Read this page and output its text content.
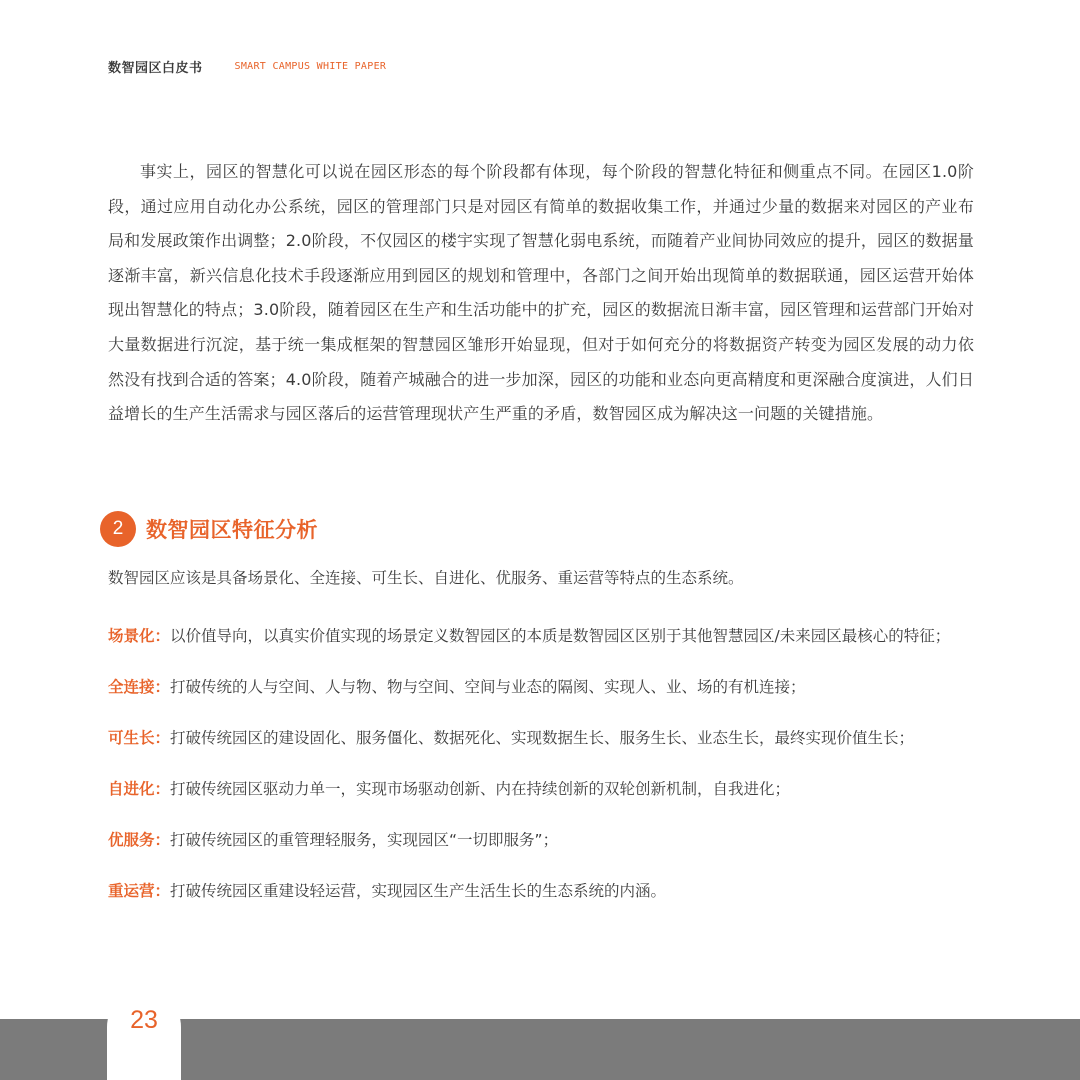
数智园区白皮书	SMART CAMPUS WHITE PAPER

事实上，园区的智慧化可以说在园区形态的每个阶段都有体现，每个阶段的智慧化特征和侧重点不同。在园区1.0阶段，通过应用自动化办公系统，园区的管理部门只是对园区有简单的数据收集工作，并通过少量的数据来对园区的产业布局和发展政策作出调整；2.0阶段，不仅园区的楼宇实现了智慧化弱电系统，而随着产业间协同效应的提升，园区的数据量逐渐丰富，新兴信息化技术手段逐渐应用到园区的规划和管理中，各部门之间开始出现简单的数据联通，园区运营开始体现出智慧化的特点；3.0阶段，随着园区在生产和生活功能中的扩充，园区的数据流日渐丰富，园区管理和运营部门开始对大量数据进行沉淀，基于统一集成框架的智慧园区雏形开始显现，但对于如何充分的将数据资产转变为园区发展的动力依然没有找到合适的答案；4.0阶段，随着产城融合的进一步加深，园区的功能和业态向更高精度和更深融合度演进，人们日益增长的生产生活需求与园区落后的运营管理现状产生严重的矛盾，数智园区成为解决这一问题的关键措施。

2	数智园区特征分析

数智园区应该是具备场景化、全连接、可生长、自进化、优服务、重运营等特点的生态系统。

场景化：以价值导向，以真实价值实现的场景定义数智园区的本质是数智园区区别于其他智慧园区/未来园区最核心的特征；
全连接：打破传统的人与空间、人与物、物与空间、空间与业态的隔阂、实现人、业、场的有机连接；
可生长：打破传统园区的建设固化、服务僵化、数据死化、实现数据生长、服务生长、业态生长，最终实现价值生长；
自进化：打破传统园区驱动力单一，实现市场驱动创新、内在持续创新的双轮创新机制，自我进化；
优服务：打破传统园区的重管理轻服务，实现园区“一切即服务”；
重运营：打破传统园区重建设轻运营，实现园区生产生活生长的生态系统的内涵。
23
